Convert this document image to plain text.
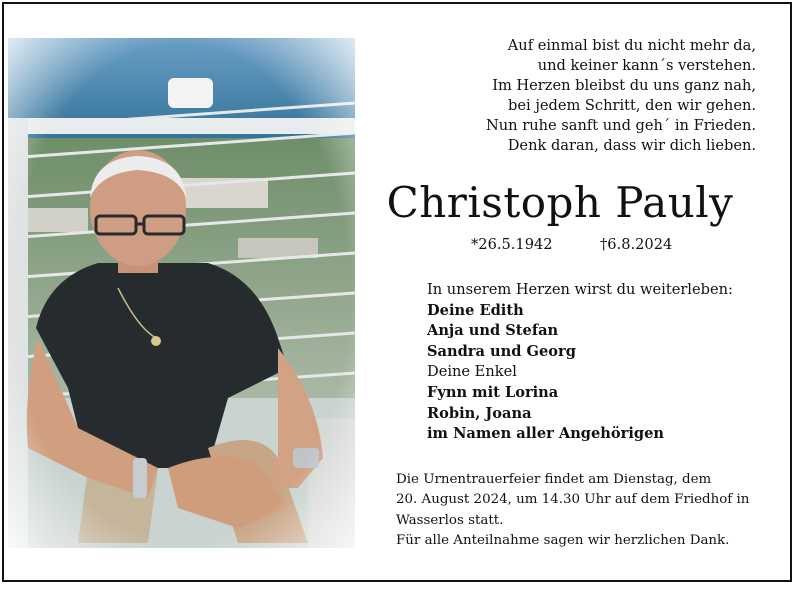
Auf einmal bist du nicht mehr da,
und keiner kann´s verstehen.
Im Herzen bleibst du uns ganz nah,
bei jedem Schritt, den wir gehen.
Nun ruhe sanft und geh´ in Frieden.
Denk daran, dass wir dich lieben.
Christoph Pauly
*26.5.1942	†6.8.2024
In unserem Herzen wirst du weiterleben:
Deine Edith
Anja und Stefan
Sandra und Georg
Deine Enkel
Fynn mit Lorina
Robin, Joana
im Namen aller Angehörigen
Die Urnentrauerfeier findet am Dienstag, dem
20. August 2024, um 14.30 Uhr auf dem Friedhof in
Wasserlos statt.
Für alle Anteilnahme sagen wir herzlichen Dank.
